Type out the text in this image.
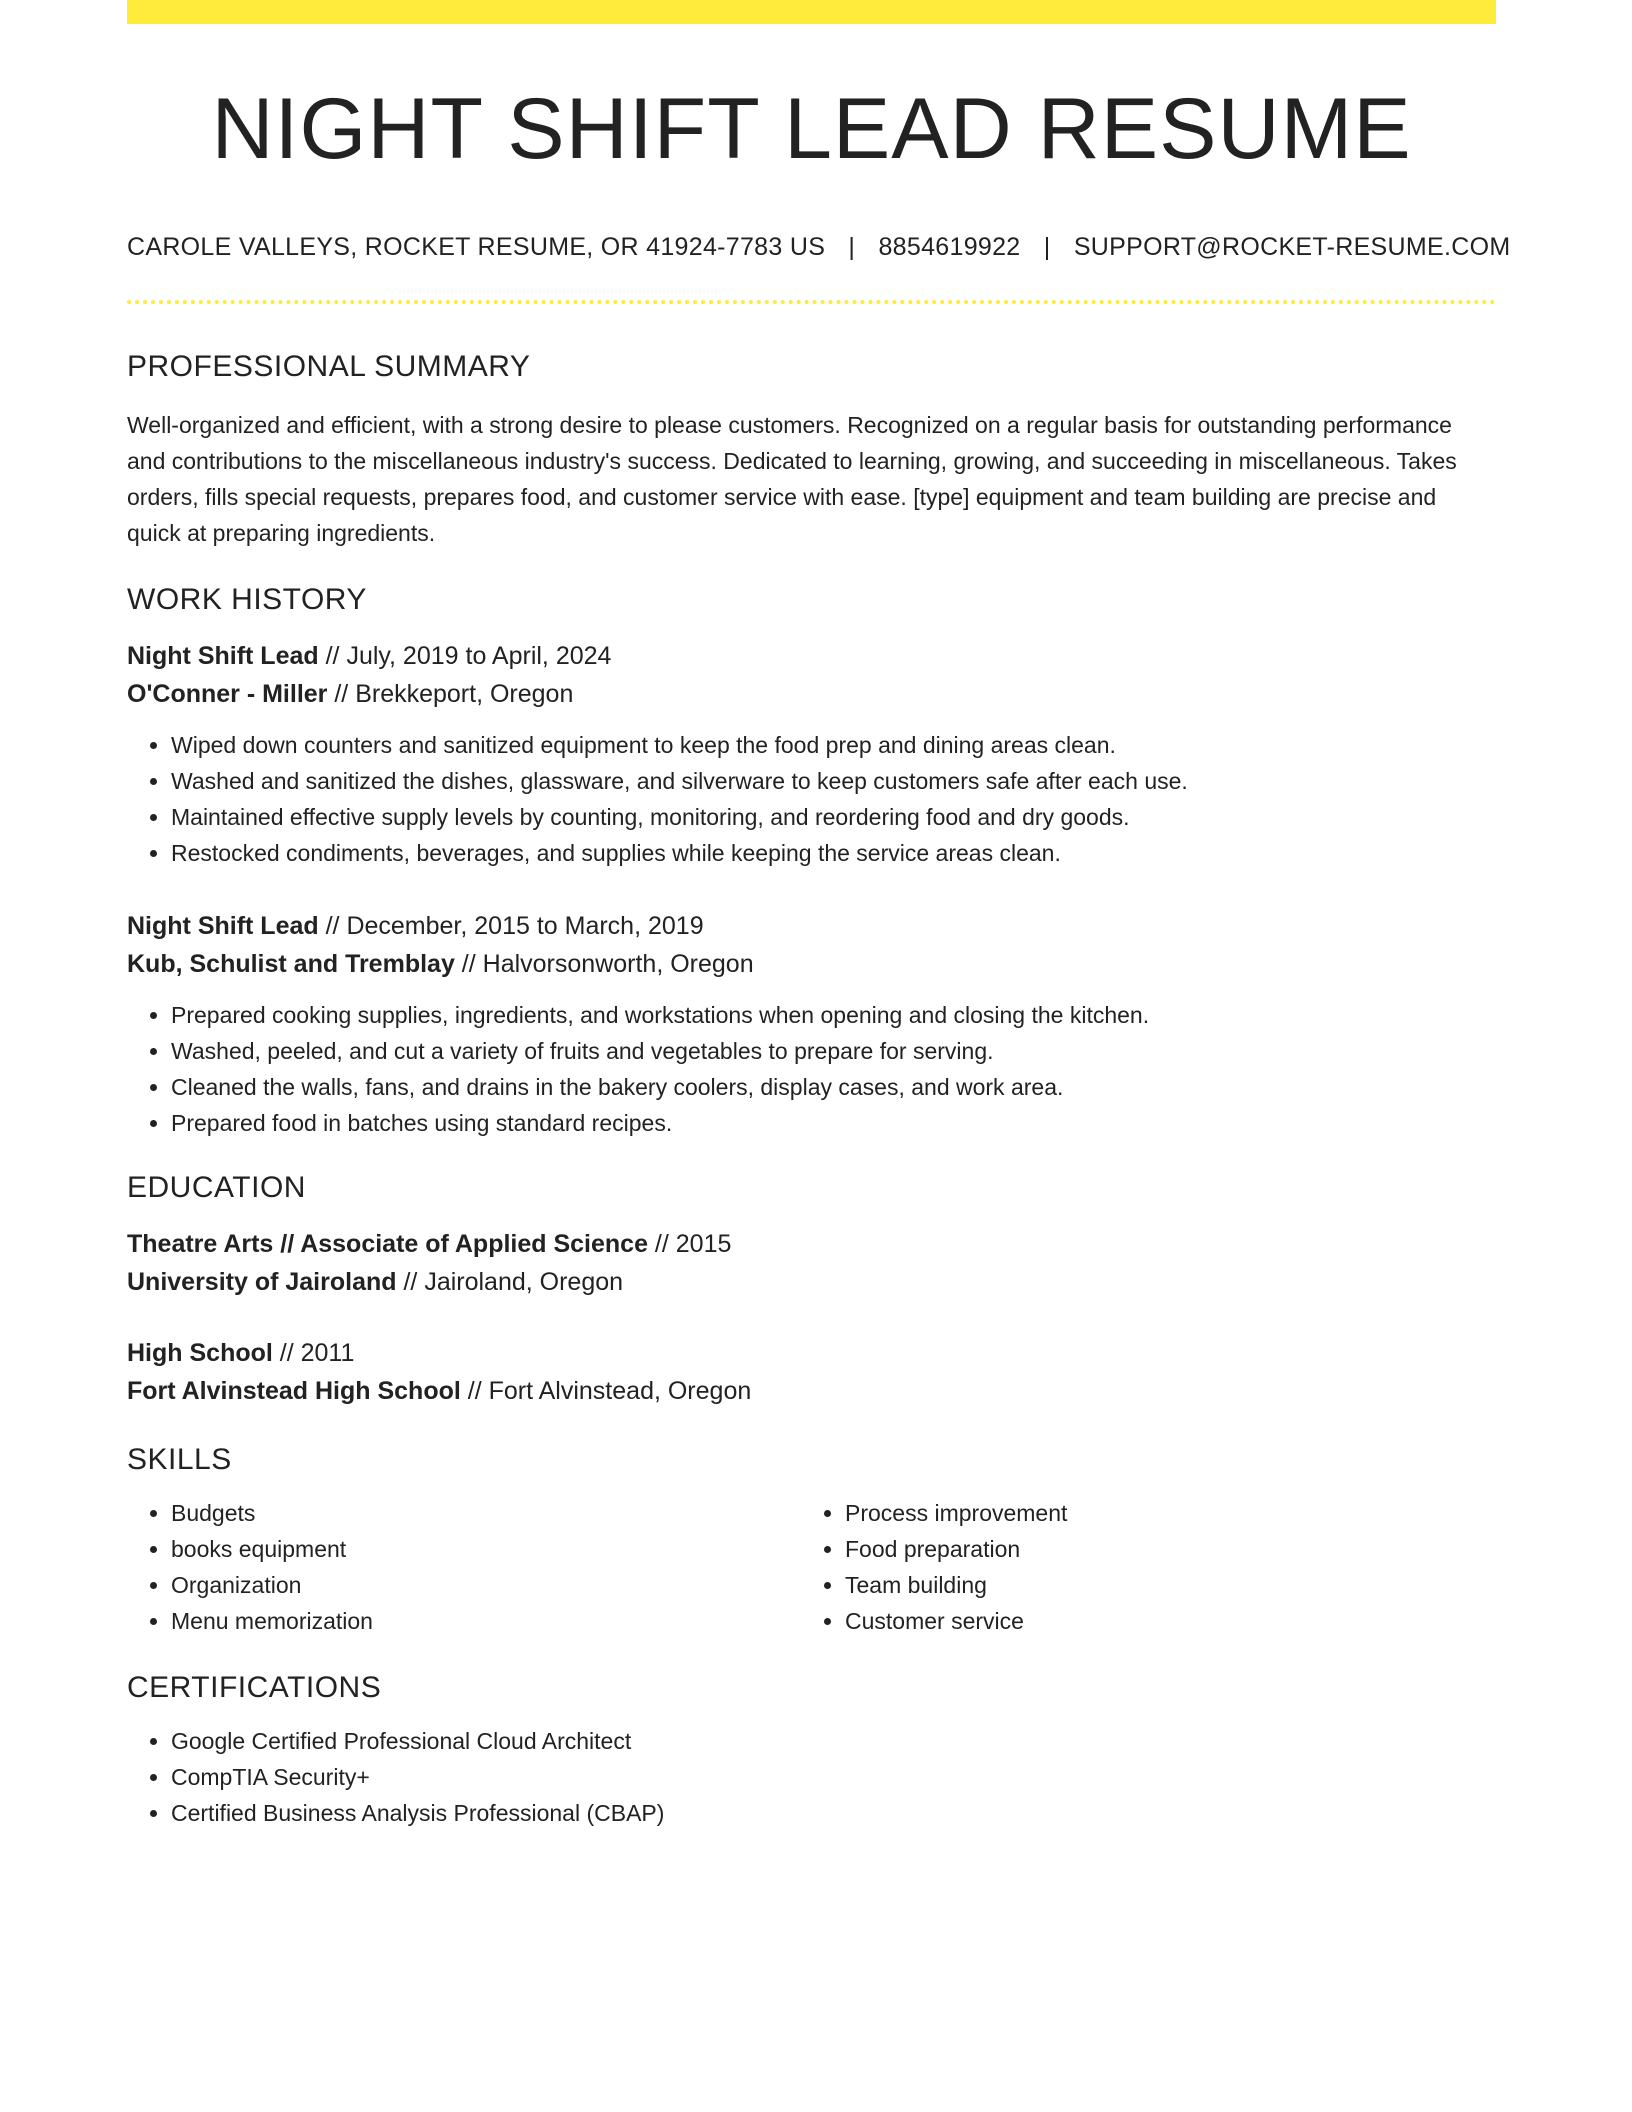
NIGHT SHIFT LEAD RESUME
CAROLE VALLEYS, ROCKET RESUME, OR 41924-7783 US | 8854619922 | SUPPORT@ROCKET-RESUME.COM
PROFESSIONAL SUMMARY
Well-organized and efficient, with a strong desire to please customers. Recognized on a regular basis for outstanding performance and contributions to the miscellaneous industry's success. Dedicated to learning, growing, and succeeding in miscellaneous. Takes orders, fills special requests, prepares food, and customer service with ease. [type] equipment and team building are precise and quick at preparing ingredients.
WORK HISTORY
Night Shift Lead // July, 2019 to April, 2024
O'Conner - Miller // Brekkeport, Oregon
• Wiped down counters and sanitized equipment to keep the food prep and dining areas clean.
• Washed and sanitized the dishes, glassware, and silverware to keep customers safe after each use.
• Maintained effective supply levels by counting, monitoring, and reordering food and dry goods.
• Restocked condiments, beverages, and supplies while keeping the service areas clean.
Night Shift Lead // December, 2015 to March, 2019
Kub, Schulist and Tremblay // Halvorsonworth, Oregon
• Prepared cooking supplies, ingredients, and workstations when opening and closing the kitchen.
• Washed, peeled, and cut a variety of fruits and vegetables to prepare for serving.
• Cleaned the walls, fans, and drains in the bakery coolers, display cases, and work area.
• Prepared food in batches using standard recipes.
EDUCATION
Theatre Arts // Associate of Applied Science // 2015
University of Jairoland // Jairoland, Oregon
High School // 2011
Fort Alvinstead High School // Fort Alvinstead, Oregon
SKILLS
• Budgets
• books equipment
• Organization
• Menu memorization
• Process improvement
• Food preparation
• Team building
• Customer service
CERTIFICATIONS
• Google Certified Professional Cloud Architect
• CompTIA Security+
• Certified Business Analysis Professional (CBAP)
